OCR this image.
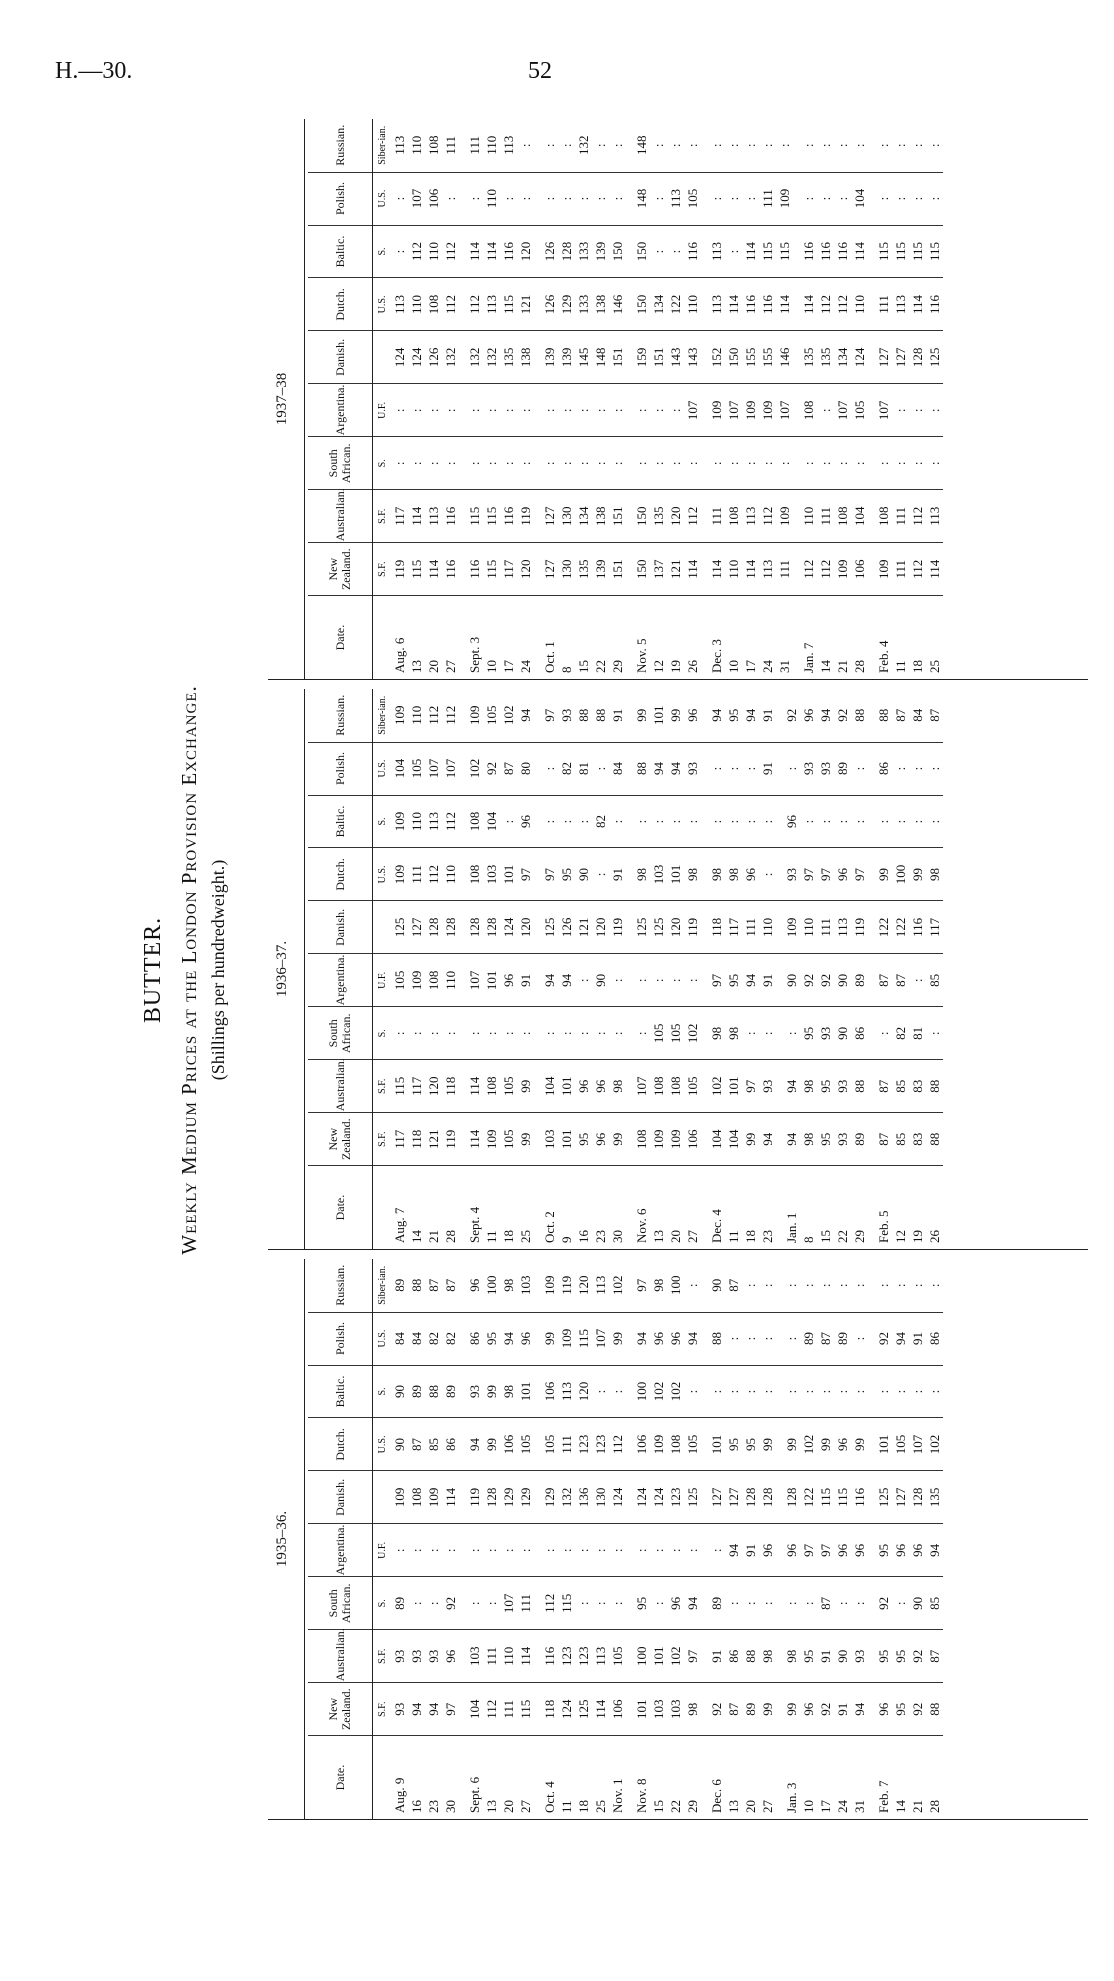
H.—30.	52
BUTTER. Weekly Medium Prices at the London Provision Exchange. (Shillings per hundredweight.)
1935–36.
Date.	New Zealand.	Australian.	South African.	Argentina.	Danish.	Dutch.	Baltic.	Polish.	Russian.
	S.F.	S.F.	S.	U.F.		U.S.	S.	U.S.	Siber-ian.
Aug. 9	93	93	89	:	109	90	90	84	89
16	94	93	:	:	108	87	89	84	88
23	94	93	:	:	109	85	88	82	87
30	97	96	92	:	114	86	89	82	87

Sept. 6	104	103	:	:	119	94	93	86	96
13	112	111	:	:	128	99	99	95	100
20	111	110	107	:	129	106	98	94	98
27	115	114	111	:	129	105	101	96	103

Oct. 4	118	116	112	:	129	105	106	99	109
11	124	123	115	:	132	111	113	109	119
18	125	123	:	:	136	123	120	115	120
25	114	113	:	:	130	123	:	107	113
Nov. 1	106	105	:	:	124	112	:	99	102

Nov. 8	101	100	95	:	124	106	100	94	97
15	103	101	:	:	124	109	102	96	98
22	103	102	96	:	123	108	102	96	100
29	98	97	94	:	125	105	:	94	:

Dec. 6	92	91	89	:	127	101	:	88	90
13	87	86	:	94	127	95	:	:	87
20	89	88	:	91	128	95	:	:	:
27	99	98	:	96	128	99	:	:	:

Jan. 3	99	98	:	96	128	99	:	:	:
10	96	95	:	97	122	102	:	89	:
17	92	91	87	97	115	99	:	87	:
24	91	90	:	96	115	96	:	89	:
31	94	93	:	96	116	99	:	:	:

Feb. 7	96	95	92	95	125	101	:	92	:
14	95	95	:	96	127	105	:	94	:
21	92	92	90	96	128	107	:	91	:
28	88	87	85	94	135	102	:	86	:
1936–37.
Date.	New Zealand.	Australian.	South African.	Argentina.	Danish.	Dutch.	Baltic.	Polish.	Russian.
	S.F.	S.F.	S.	U.F.		U.S.	S.	U.S.	Siber-ian.
Aug. 7	117	115	:	105	125	109	109	104	109
14	118	117	:	109	127	111	110	105	110
21	121	120	:	108	128	112	113	107	112
28	119	118	:	110	128	110	112	107	112

Sept. 4	114	114	:	107	128	108	108	102	109
11	109	108	:	101	128	103	104	92	105
18	105	105	:	96	124	101	:	87	102
25	99	99	:	91	120	97	96	80	94

Oct. 2	103	104	:	94	125	97	:	:	97
9	101	101	:	94	126	95	:	82	93
16	95	96	:	:	121	90	:	81	88
23	96	96	:	90	120	:	82	:	88
30	99	98	:	:	119	91	:	84	91

Nov. 6	108	107	:	:	125	98	:	88	99
13	109	108	105	:	125	103	:	94	101
20	109	108	105	:	120	101	:	94	99
27	106	105	102	:	119	98	:	93	96

Dec. 4	104	102	98	97	118	98	:	:	94
11	104	101	98	95	117	98	:	:	95
18	99	97	:	94	111	96	:	:	94
23	94	93	:	91	110	:	:	91	91

Jan. 1	94	94	:	90	109	93	96	:	92
8	98	98	95	92	110	97	:	93	96
15	95	95	93	92	111	97	:	93	94
22	93	93	90	90	113	96	:	89	92
29	89	88	86	89	119	97	:	:	88

Feb. 5	87	87	:	87	122	99	:	86	88
12	85	85	82	87	122	100	:	:	87
19	83	83	81	:	116	99	:	:	84
26	88	88	:	85	117	98	:	:	87
1937–38
Date.	New Zealand.	Australian.	South African.	Argentina.	Danish.	Dutch.	Baltic.	Polish.	Russian.
	S.F.	S.F.	S.	U.F.		U.S.	S.	U.S.	Siber-ian.
Aug. 6	119	117	:	:	124	113	:	:	113
13	115	114	:	:	124	110	112	107	110
20	114	113	:	:	126	108	110	106	108
27	116	116	:	:	132	112	112	:	111

Sept. 3	116	115	:	:	132	112	114	:	111
10	115	115	:	:	132	113	114	110	110
17	117	116	:	:	135	115	116	:	113
24	120	119	:	:	138	121	120	:	:

Oct. 1	127	127	:	:	139	126	126	:	:
8	130	130	:	:	139	129	128	:	:
15	135	134	:	:	145	133	133	:	132
22	139	138	:	:	148	138	139	:	:
29	151	151	:	:	151	146	150	:	:

Nov. 5	150	150	:	:	159	150	150	148	148
12	137	135	:	:	151	134	:	:	:
19	121	120	:	:	143	122	:	113	:
26	114	112	:	107	143	110	116	105	:

Dec. 3	114	111	:	109	152	113	113	:	:
10	110	108	:	107	150	114	:	:	:
17	114	113	:	109	155	116	114	:	:
24	113	112	:	109	155	116	115	111	:
31	111	109	:	107	146	114	115	109	:

Jan. 7	112	110	:	108	135	114	116	:	:
14	112	111	:	:	135	112	116	:	:
21	109	108	:	107	134	112	116	:	:
28	106	104	:	105	124	110	114	104	:

Feb. 4	109	108	:	107	127	111	115	:	:
11	111	111	:	:	127	113	115	:	:
18	112	112	:	:	128	114	115	:	:
25	114	113	:	:	125	116	115	:	:
